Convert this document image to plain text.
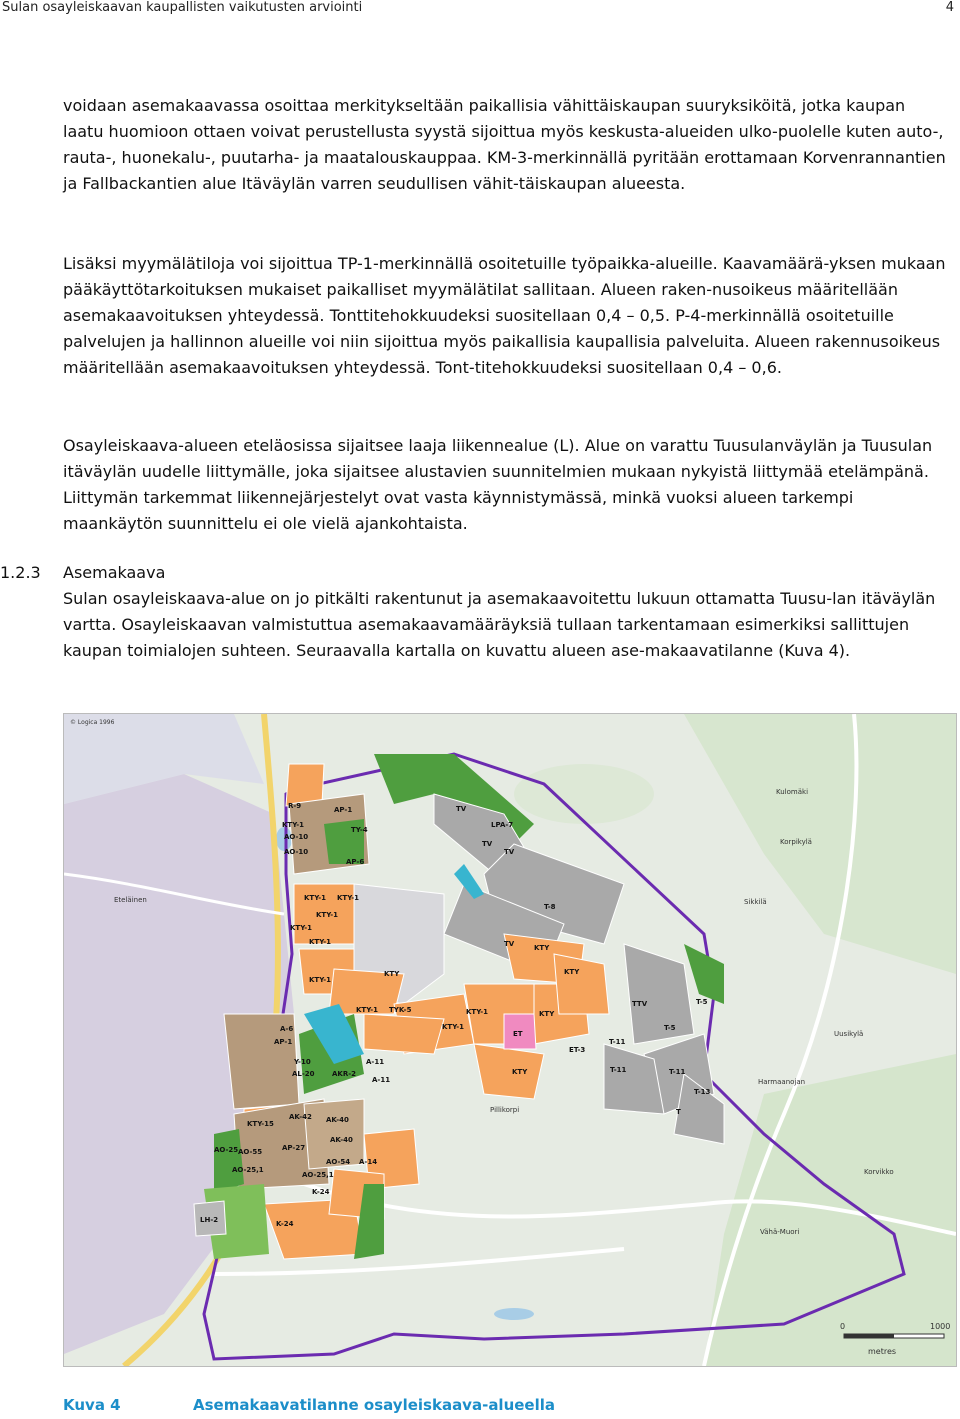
Sulan osayleiskaavan kaupallisten vaikutusten arviointi	4

voidaan asemakaavassa osoittaa merkitykseltään paikallisia vähittäiskaupan suuryksiköitä, jotka kaupan laatu huomioon ottaen voivat perustellusta syystä sijoittua myös keskusta-alueiden ulko-puolelle kuten auto-, rauta-, huonekalu-, puutarha- ja maatalouskauppaa. KM-3-merkinnällä pyritään erottamaan Korvenrannantien ja Fallbackantien alue Itäväylän varren seudullisen vähit-täiskaupan alueesta.

Lisäksi myymälätiloja voi sijoittua TP-1-merkinnällä osoitetuille työpaikka-alueille. Kaavamäärä-yksen mukaan pääkäyttötarkoituksen mukaiset paikalliset myymälätilat sallitaan. Alueen raken-nusoikeus määritellään asemakaavoituksen yhteydessä. Tonttitehokkuudeksi suositellaan 0,4 – 0,5. P-4-merkinnällä osoitetuille palvelujen ja hallinnon alueille voi niin sijoittua myös paikallisia kaupallisia palveluita. Alueen rakennusoikeus määritellään asemakaavoituksen yhteydessä. Tont-titehokkuudeksi suositellaan 0,4 – 0,6.

Osayleiskaava-alueen eteläosissa sijaitsee laaja liikennealue (L). Alue on varattu Tuusulanväylän ja Tuusulan itäväylän uudelle liittymälle, joka sijaitsee alustavien suunnitelmien mukaan nykyistä liittymää etelämpänä. Liittymän tarkemmat liikennejärjestelyt ovat vasta käynnistymässä, minkä vuoksi alueen tarkempi maankäytön suunnittelu ei ole vielä ajankohtaista.

1.2.3 Asemakaava

Sulan osayleiskaava-alue on jo pitkälti rakentunut ja asemakaavoitettu lukuun ottamatta Tuusu-lan itäväylän vartta. Osayleiskaavan valmistuttua asemakaavamääräyksiä tullaan tarkentamaan esimerkiksi sallittujen kaupan toimialojen suhteen. Seuraavalla kartalla on kuvattu alueen ase-makaavatilanne (Kuva 4).

TV
TV
TV
T-8
TV
LPA-7
TY-4
AP-6
AP-1
KTY-1
AO-10
AO-10
R-9
KTY
KTY
KTY
KTY
KTY
KTY-1 KTY-1
KTY-1
KTY-1
KTY-1
KTY-1
KTY-1	KTY-1
KTY-1
TYK-5
TTV	T-5
T-5
T-11
T-11
ET-3
T-11
T-13
T
ET
A-6
AP-1
Y-10
AL-20 AKR-2
A-11
A-11
KTY-15
AK-42 AK-40
AK-40
AP-27
AO-25 AO-55
AO-25,1
AO-25,1
AO-54 A-14
K-24
K-24
LH-2
Eteläinen
Korpikylä
Sikkilä
Kulomäki
Uusikylä
Harmaanojan
Vähä-Muori
Korvikko
Pillikorpi
© Logica 1996
0	1000
metres
Kuva 4	Asemakaavatilanne osayleiskaava-alueella
